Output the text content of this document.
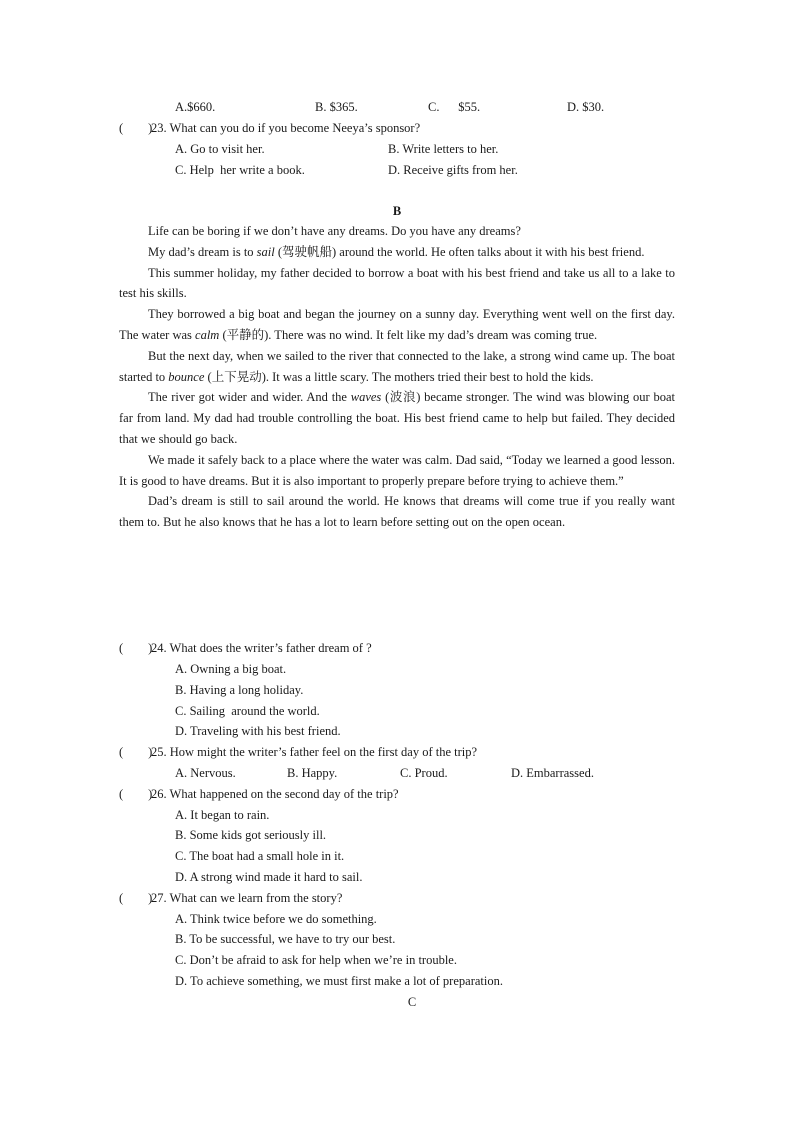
A.$660.	B. $365.	C.      $55.	D. $30.
(        )
23. What can you do if you become Neeya’s sponsor?
A. Go to visit her.	B. Write letters to her.
C. Help  her write a book.	D. Receive gifts from her.
B

Life can be boring if we don’t have any dreams. Do you have any dreams?

My dad’s dream is to sail (驾驶帆船) around the world. He often talks about it with his best friend.

This summer holiday, my father decided to borrow a boat with his best friend and take us all to a lake to test his skills.

They borrowed a big boat and began the journey on a sunny day. Everything went well on the first day. The water was calm (平静的). There was no wind. It felt like my dad’s dream was coming true.

But the next day, when we sailed to the river that connected to the lake, a strong wind came up. The boat started to bounce (上下晃动). It was a little scary. The mothers tried their best to hold the kids.

The river got wider and wider. And the waves (波浪) became stronger. The wind was blowing our boat far from land. My dad had trouble controlling the boat. His best friend came to help but failed. They decided that we should go back.

We made it safely back to a place where the water was calm. Dad said, “Today we learned a good lesson. It is good to have dreams. But it is also important to properly prepare before trying to achieve them.”

Dad’s dream is still to sail around the world. He knows that dreams will come true if you really want them to. But he also knows that he has a lot to learn before setting out on the open ocean.

(        )
24. What does the writer’s father dream of ?
A. Owning a big boat.
B. Having a long holiday.
C. Sailing  around the world.
D. Traveling with his best friend.
(        )
25. How might the writer’s father feel on the first day of the trip?
A. Nervous.	B. Happy.	C. Proud.	D. Embarrassed.
(        )
26. What happened on the second day of the trip?
A. It began to rain.
B. Some kids got seriously ill.
C. The boat had a small hole in it.
D. A strong wind made it hard to sail.
(        )
27. What can we learn from the story?
A. Think twice before we do something.
B. To be successful, we have to try our best.
C. Don’t be afraid to ask for help when we’re in trouble.
D. To achieve something, we must first make a lot of preparation.
C
